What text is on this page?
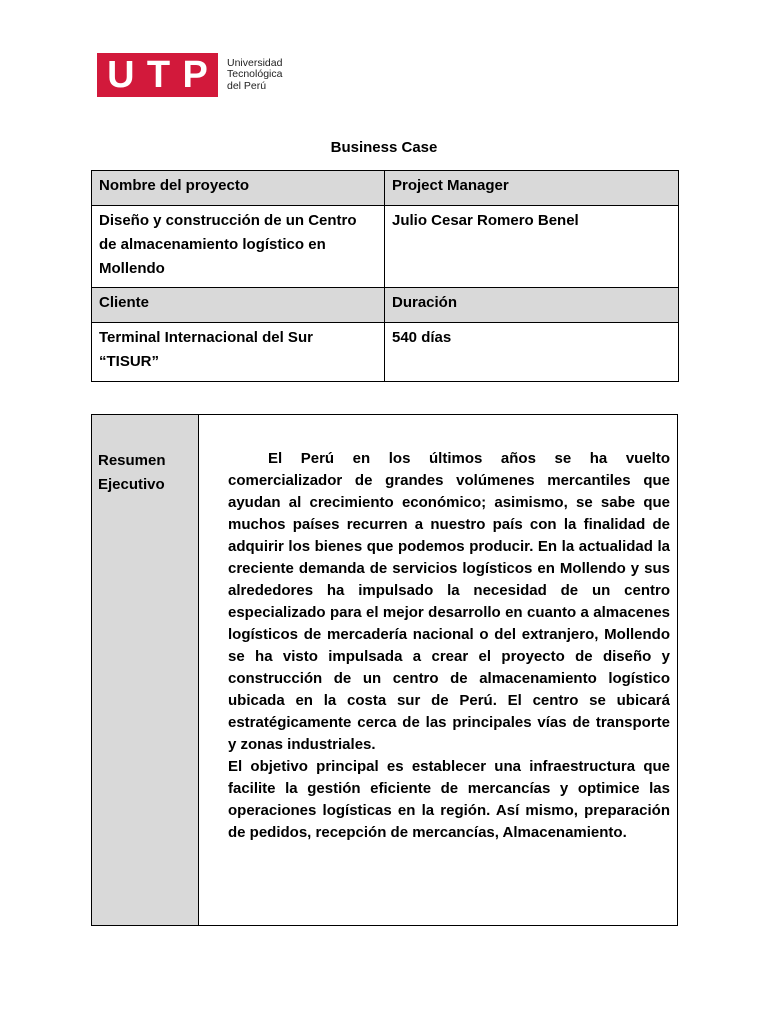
U T P Universidad
Tecnológica
del Perú
Business Case
Nombre del proyecto	Project Manager
Diseño y construcción de un Centro de almacenamiento logístico en Mollendo	Julio Cesar Romero Benel
Cliente	Duración
Terminal Internacional del Sur “TISUR”	540 días
Resumen Ejecutivo	

El Perú en los últimos años se ha vuelto comercializador de grandes volúmenes mercantiles que ayudan al crecimiento económico; asimismo, se sabe que muchos países recurren a nuestro país con la finalidad de adquirir los bienes que podemos producir. En la actualidad la creciente demanda de servicios logísticos en Mollendo y sus alrededores ha impulsado la necesidad de un centro especializado para el mejor desarrollo en cuanto a almacenes logísticos de mercadería nacional o del extranjero, Mollendo se ha visto impulsada a crear el proyecto de diseño y construcción de un centro de almacenamiento logístico ubicada en la costa sur de Perú. El centro se ubicará estratégicamente cerca de las principales vías de transporte y zonas industriales.

El objetivo principal es establecer una infraestructura que facilite la gestión eficiente de mercancías y optimice las operaciones logísticas en la región. Así mismo, preparación de pedidos, recepción de mercancías, Almacenamiento.
